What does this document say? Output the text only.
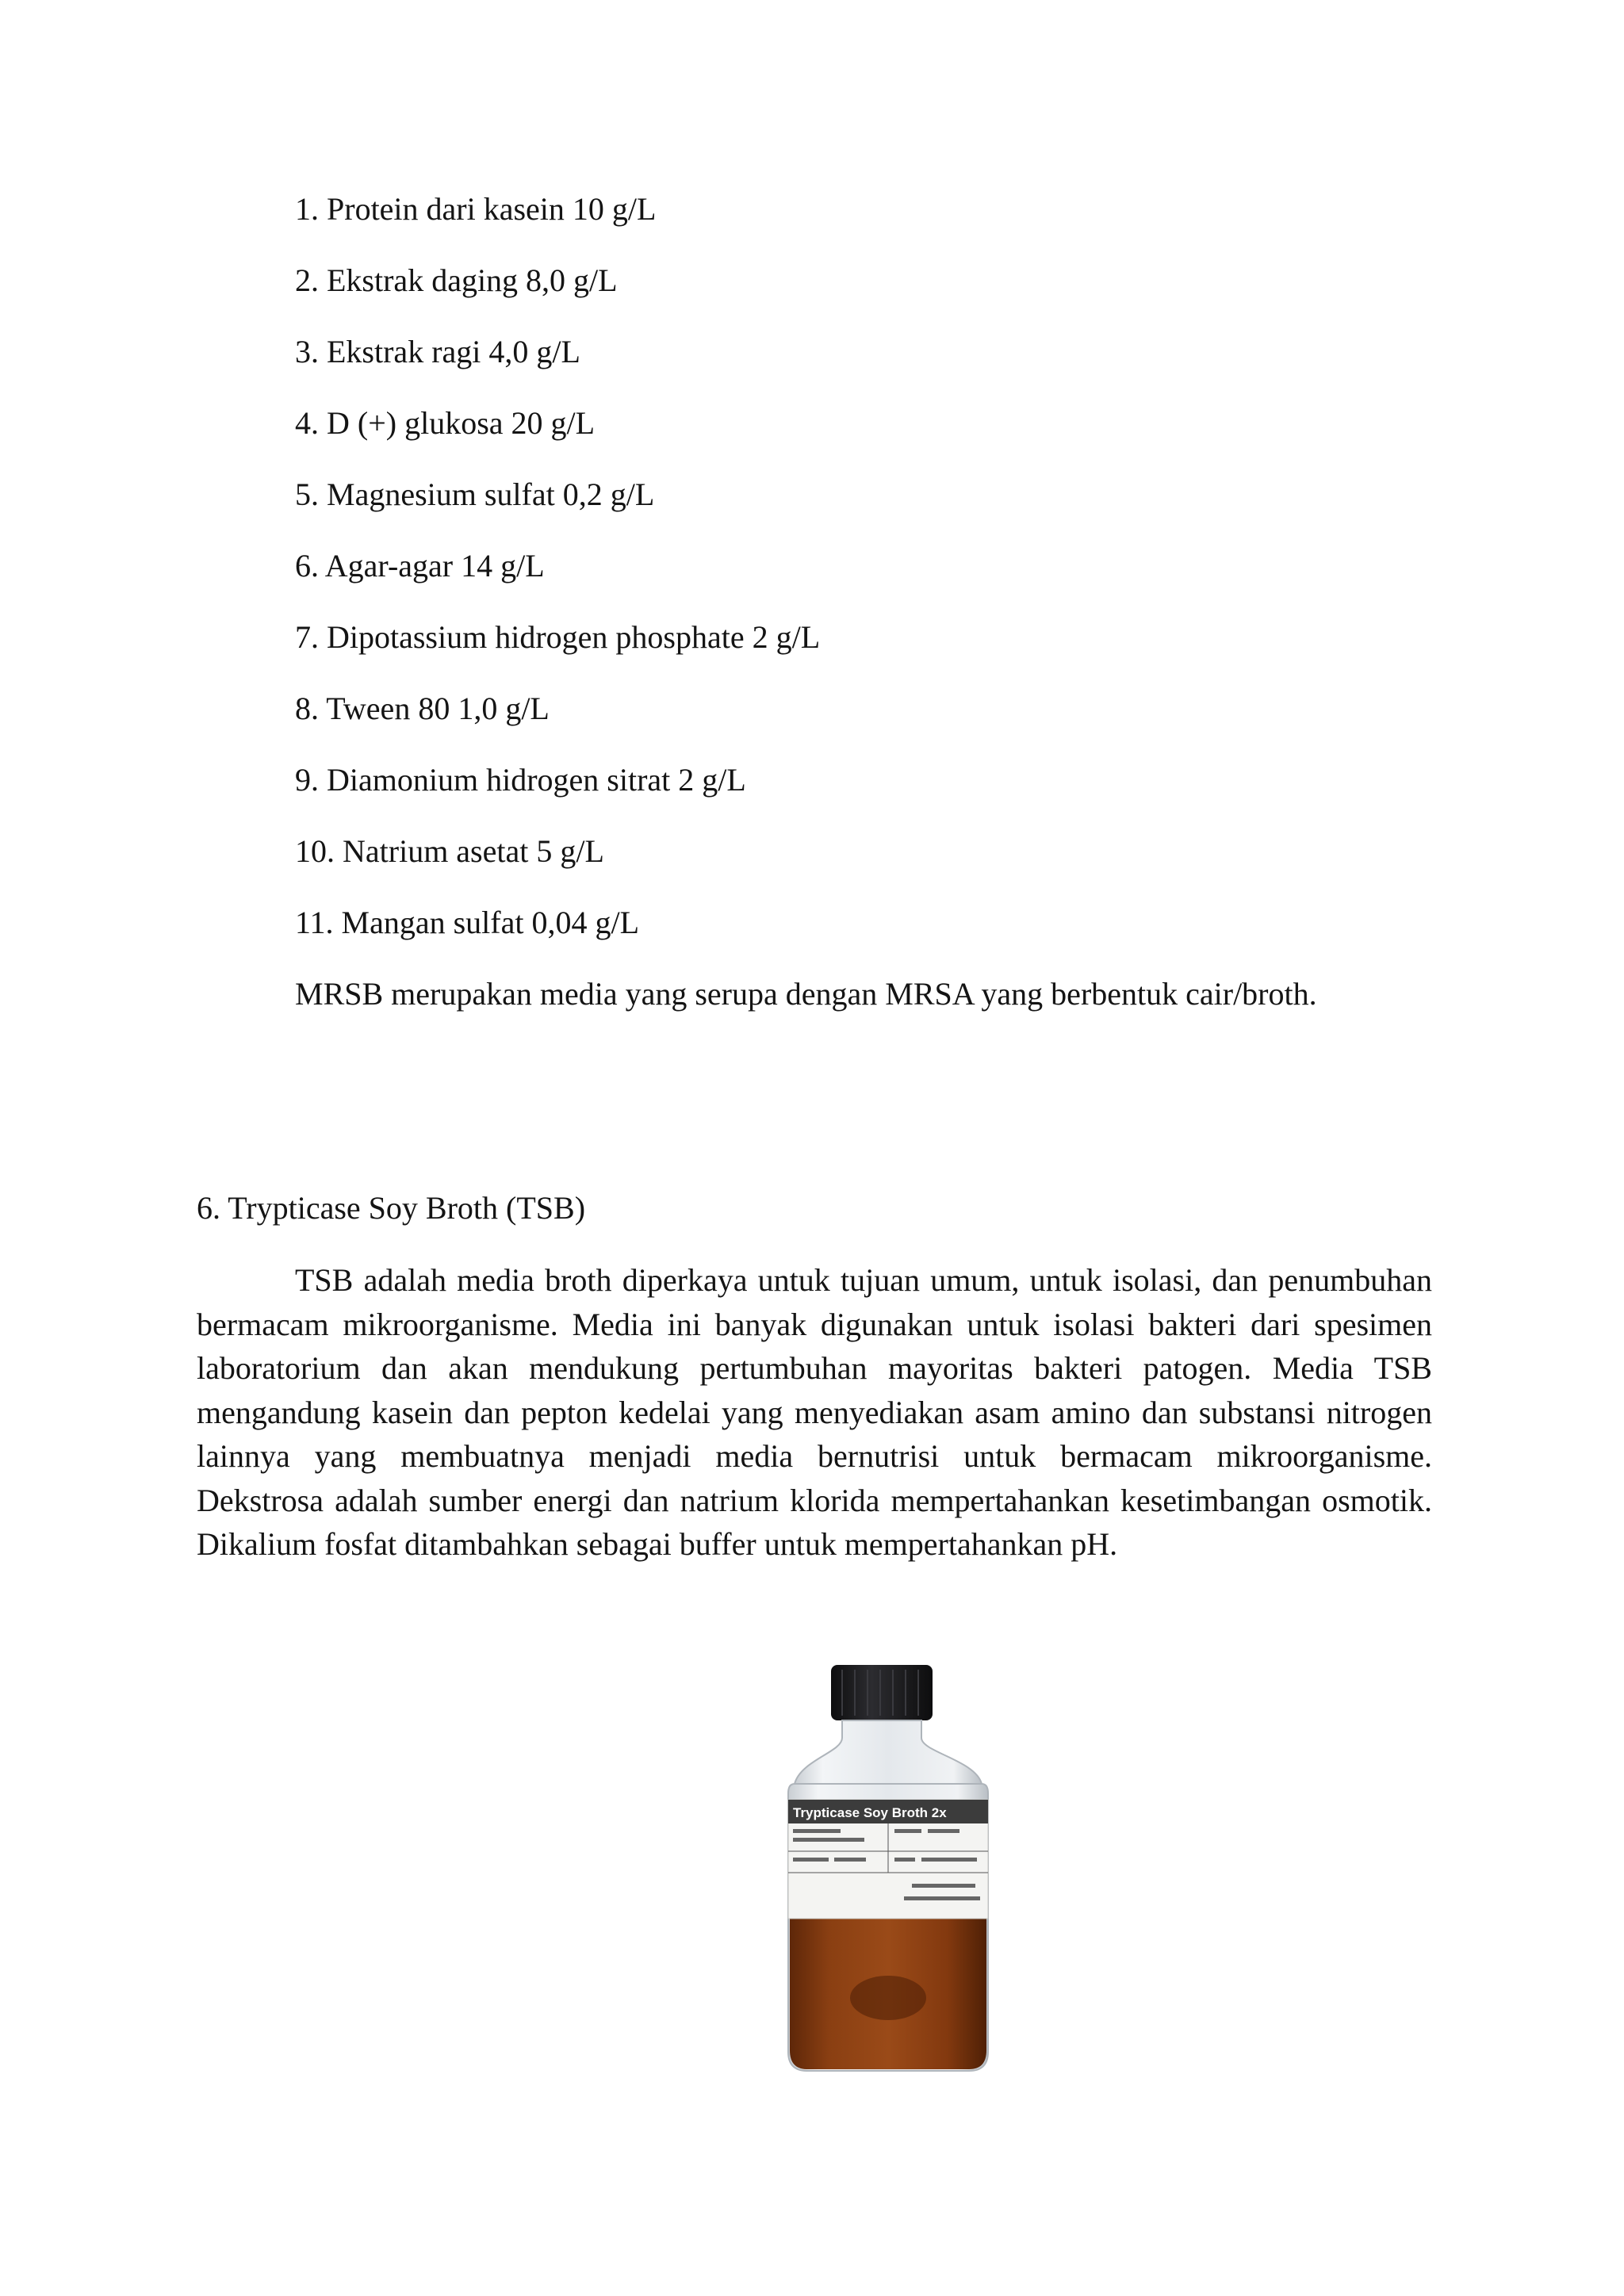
1. Protein dari kasein 10 g/L
2. Ekstrak daging 8,0 g/L
3. Ekstrak ragi 4,0 g/L
4. D (+) glukosa 20 g/L
5. Magnesium sulfat 0,2 g/L
6. Agar-agar 14 g/L
7. Dipotassium hidrogen phosphate 2 g/L
8. Tween 80 1,0 g/L
9. Diamonium hidrogen sitrat 2 g/L
10. Natrium asetat 5 g/L
11. Mangan sulfat 0,04 g/L

MRSB merupakan media yang serupa dengan MRSA yang berbentuk cair/broth.

6. Trypticase Soy Broth (TSB)

TSB adalah media broth diperkaya untuk tujuan umum, untuk isolasi, dan penumbuhan bermacam mikroorganisme. Media ini banyak digunakan untuk isolasi bakteri dari spesimen laboratorium dan akan mendukung pertumbuhan mayoritas bakteri patogen. Media TSB mengandung kasein dan pepton kedelai yang menyediakan asam amino dan substansi nitrogen lainnya yang membuatnya menjadi media bernutrisi untuk bermacam mikroorganisme. Dekstrosa adalah sumber energi dan natrium klorida mempertahankan kesetimbangan osmotik. Dikalium fosfat ditambahkan sebagai buffer untuk mempertahankan pH.

Trypticase Soy Broth 2x
